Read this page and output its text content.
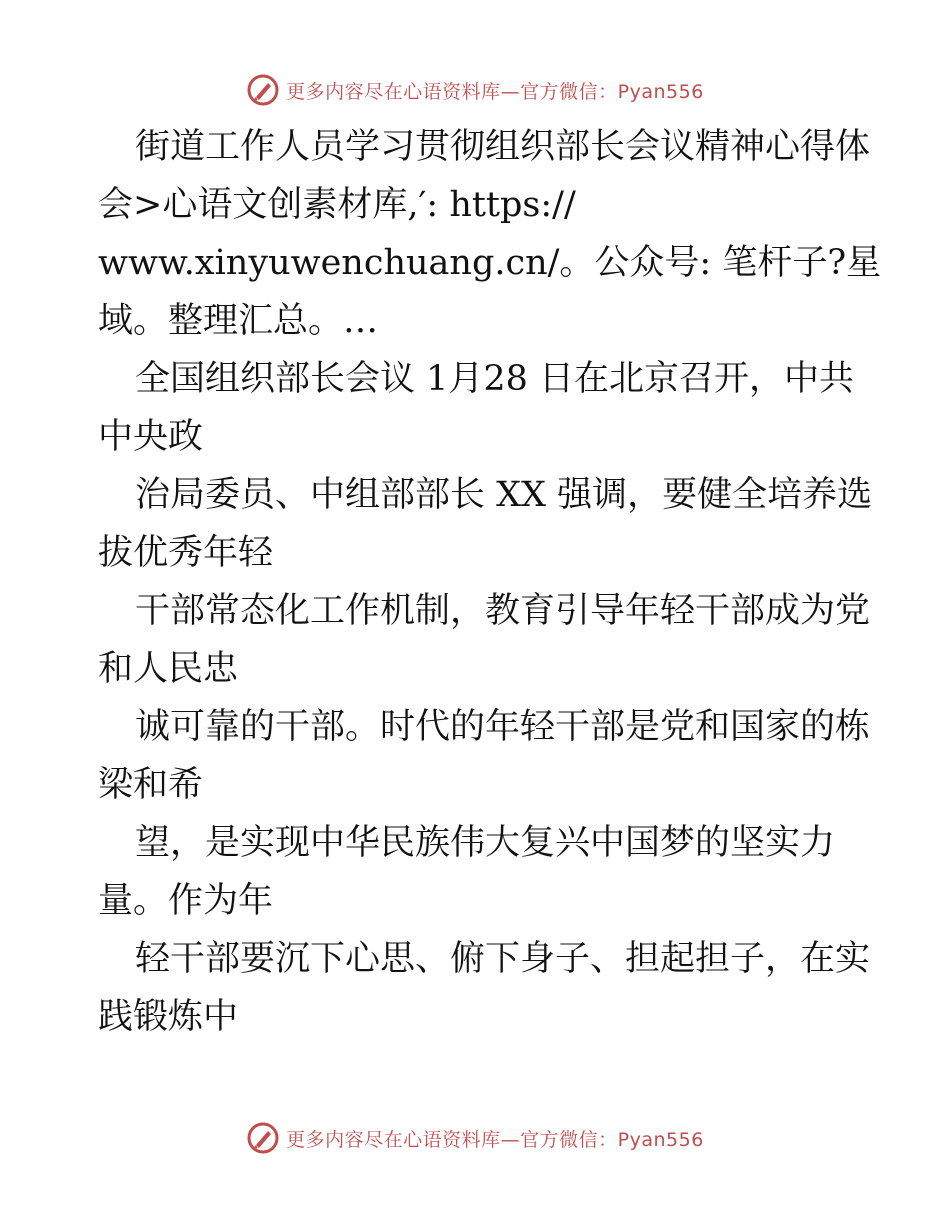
更多内容尽在心语资料库—官方微信：Pyan556
街道工作人员学习贯彻组织部长会议精神心得体
会>心语文创素材库,′: https://
www.xinyuwenchuang.cn/。公众号: 笔杆子?星
域。整理汇总。…
全国组织部长会议 1月28 日在北京召开，中共
中央政
治局委员、中组部部长 XX 强调，要健全培养选
拔优秀年轻
干部常态化工作机制，教育引导年轻干部成为党
和人民忠
诚可靠的干部。时代的年轻干部是党和国家的栋
梁和希
望，是实现中华民族伟大复兴中国梦的坚实力
量。作为年
轻干部要沉下心思、俯下身子、担起担子，在实
践锻炼中
更多内容尽在心语资料库—官方微信：Pyan556
